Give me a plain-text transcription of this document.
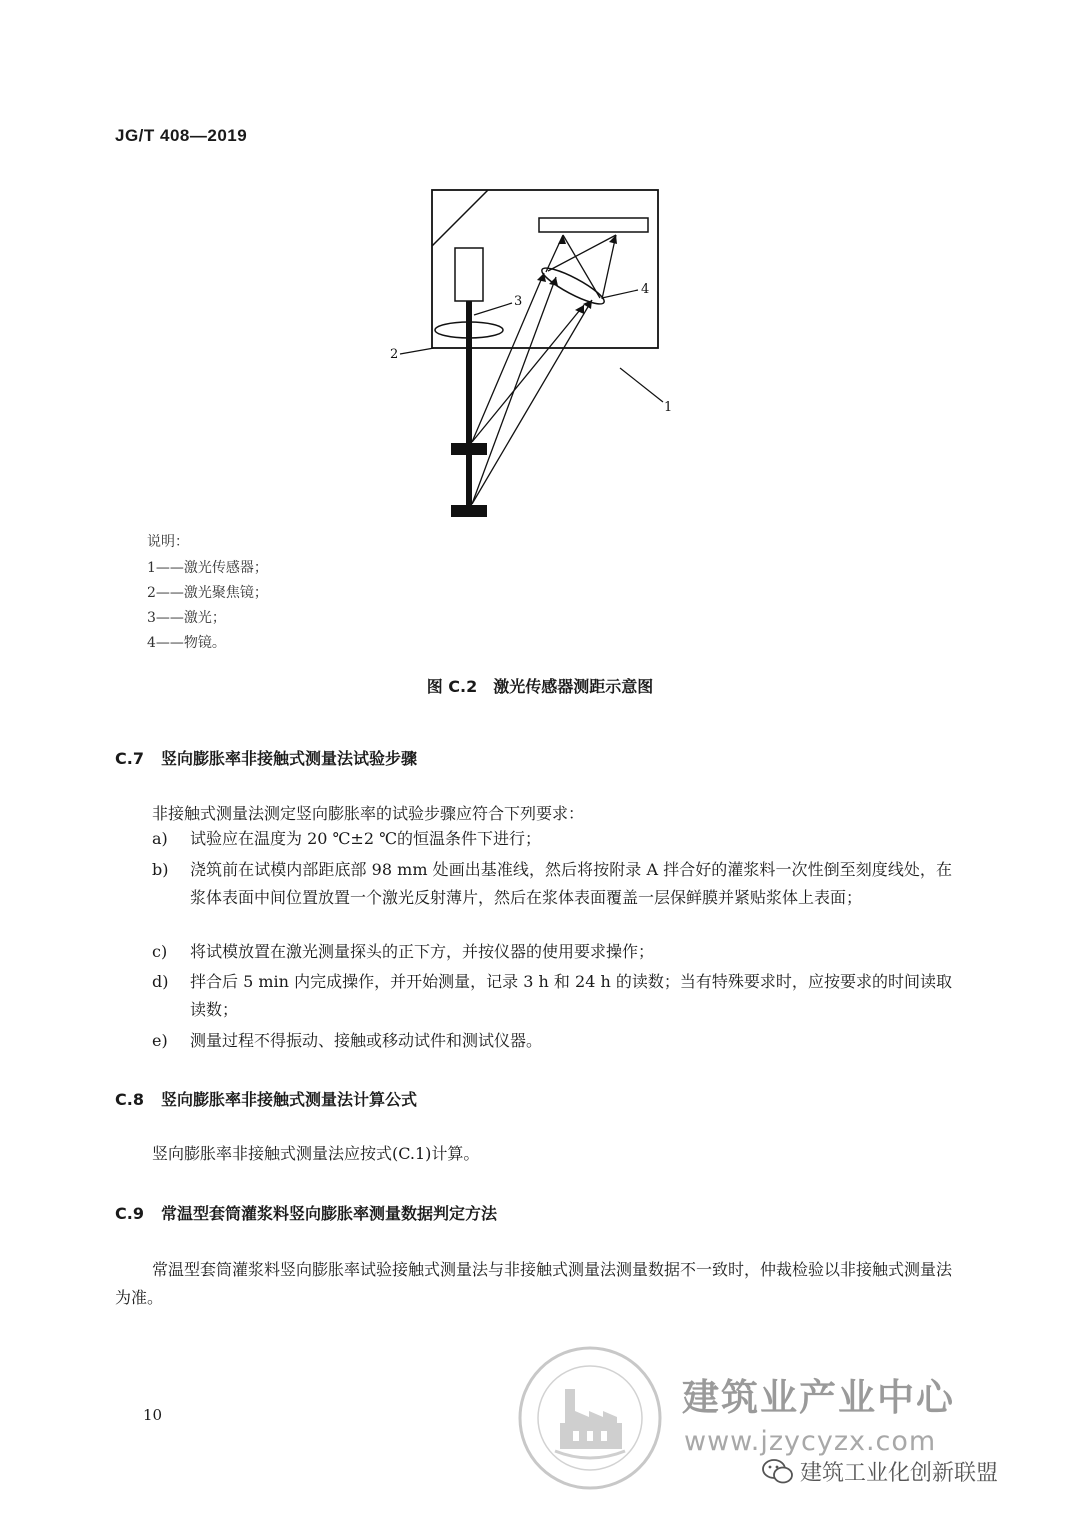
JG/T 408—2019
3
2
4
1
说明：
1——激光传感器；
2——激光聚焦镜；
3——激光；
4——物镜。
图 C.2　激光传感器测距示意图
C.7 竖向膨胀率非接触式测量法试验步骤
非接触式测量法测定竖向膨胀率的试验步骤应符合下列要求：
a) 试验应在温度为 20 ℃±2 ℃的恒温条件下进行；
b) 浇筑前在试模内部距底部 98 mm 处画出基准线，然后将按附录 A 拌合好的灌浆料一次性倒至刻度线处，在浆体表面中间位置放置一个激光反射薄片，然后在浆体表面覆盖一层保鲜膜并紧贴浆体上表面；
c) 将试模放置在激光测量探头的正下方，并按仪器的使用要求操作；
d) 拌合后 5 min 内完成操作，并开始测量，记录 3 h 和 24 h 的读数；当有特殊要求时，应按要求的时间读取读数；
e) 测量过程不得振动、接触或移动试件和测试仪器。
C.8 竖向膨胀率非接触式测量法计算公式
竖向膨胀率非接触式测量法应按式(C.1)计算。
C.9 常温型套筒灌浆料竖向膨胀率测量数据判定方法
常温型套筒灌浆料竖向膨胀率试验接触式测量法与非接触式测量法测量数据不一致时，仲裁检验以非接触式测量法为准。
10	建筑业产业中心
www.jzycyzx.com
建筑工业化创新联盟
